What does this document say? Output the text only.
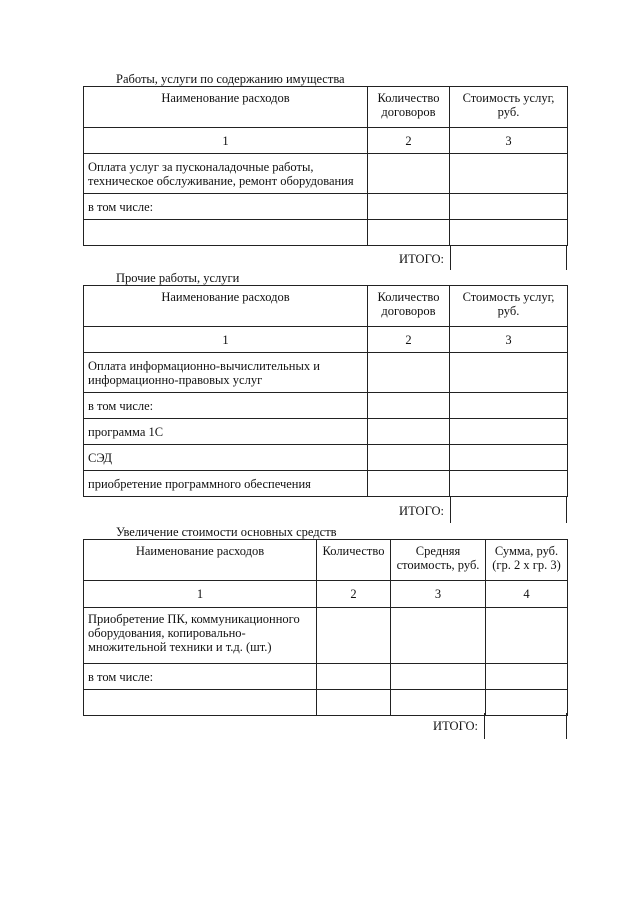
Работы, услуги по содержанию имущества
Наименование расходов	Количество договоров	Стоимость услуг, руб.
1	2	3
Оплата услуг за пусконаладочные работы, техническое обслуживание, ремонт оборудования		
в том числе:		

ИТОГО:
Прочие работы, услуги
Наименование расходов	Количество договоров	Стоимость услуг, руб.
1	2	3
Оплата информационно-вычислительных и информационно-правовых услуг		
в том числе:		
программа 1С		
СЭД		
приобретение программного обеспечения		
ИТОГО:
Увеличение стоимости основных средств
Наименование расходов	Количество	Средняя стоимость, руб.	Сумма, руб. (гр. 2 х гр. 3)
1	2	3	4
Приобретение ПК, коммуникационного оборудования, копировально-множительной техники и т.д. (шт.)			
в том числе:			

ИТОГО:
